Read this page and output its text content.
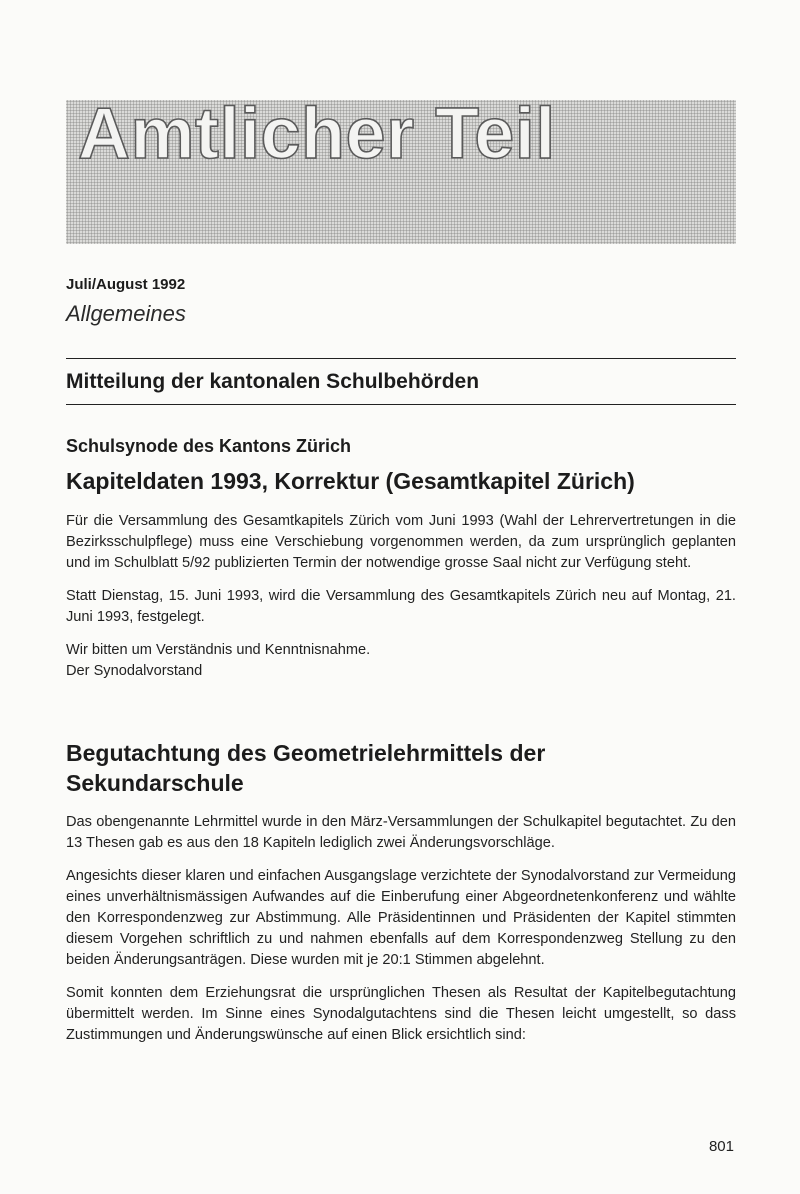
Amtlicher Teil
Juli/August 1992
Allgemeines
Mitteilung der kantonalen Schulbehörden
Schulsynode des Kantons Zürich
Kapiteldaten 1993, Korrektur (Gesamtkapitel Zürich)

Für die Versammlung des Gesamtkapitels Zürich vom Juni 1993 (Wahl der Lehrervertretungen in die Bezirksschulpflege) muss eine Verschiebung vorgenommen werden, da zum ursprünglich geplanten und im Schulblatt 5/92 publizierten Termin der notwendige grosse Saal nicht zur Verfügung steht.

Statt Dienstag, 15. Juni 1993, wird die Versammlung des Gesamtkapitels Zürich neu auf Montag, 21. Juni 1993, festgelegt.

Wir bitten um Verständnis und Kenntnisnahme.

Der Synodalvorstand

Begutachtung des Geometrielehrmittels der
Sekundarschule

Das obengenannte Lehrmittel wurde in den März-Versammlungen der Schulkapitel begutachtet. Zu den 13 Thesen gab es aus den 18 Kapiteln lediglich zwei Änderungsvorschläge.

Angesichts dieser klaren und einfachen Ausgangslage verzichtete der Synodalvorstand zur Vermeidung eines unverhältnismässigen Aufwandes auf die Einberufung einer Abgeordnetenkonferenz und wählte den Korrespondenzweg zur Abstimmung. Alle Präsidentinnen und Präsidenten der Kapitel stimmten diesem Vorgehen schriftlich zu und nahmen ebenfalls auf dem Korrespondenzweg Stellung zu den beiden Änderungsanträgen. Diese wurden mit je 20:1 Stimmen abgelehnt.

Somit konnten dem Erziehungsrat die ursprünglichen Thesen als Resultat der Kapitelbegutachtung übermittelt werden. Im Sinne eines Synodalgutachtens sind die Thesen leicht umgestellt, so dass Zustimmungen und Änderungswünsche auf einen Blick ersichtlich sind:

801
